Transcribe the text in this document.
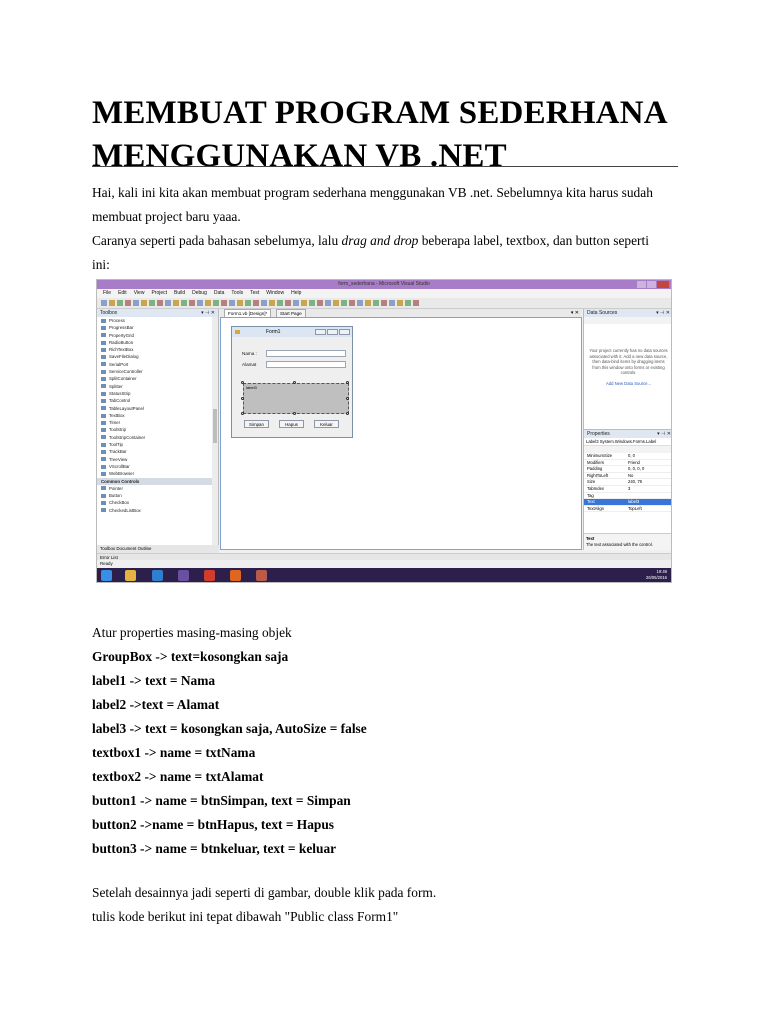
MEMBUAT PROGRAM SEDERHANA MENGGUNAKAN VB .NET

Hai, kali ini kita akan membuat program sederhana menggunakan VB .net. Sebelumnya kita harus sudah

membuat project baru yaaa.

Caranya seperti pada bahasan sebelumya, lalu drag and drop beberapa label, textbox, dan button seperti

ini:

form_sederhana - Microsoft Visual Studio
File Edit View Project Build Debug Data Tools Test Window Help
Toolbox	▾ ⊣ ✕
Process
ProgressBar
PropertyGrid
RadioButton
RichTextBox
SaveFileDialog
SerialPort
ServiceController
SplitContainer
Splitter
StatusStrip
TabControl
TableLayoutPanel
TextBox
Timer
ToolStrip
ToolStripContainer
ToolTip
TrackBar
TreeView
VScrollBar
WebBrowser
Common Controls
Pointer
Button
CheckBox
CheckedListBox
Toolbox Document Outline
Form1.vb [Design]*	Start Page	▾ ✕
Form1
Nama :
Alamat
label3
Simpan	Hapus	Keluar
Data Sources	▾ ⊣ ✕
Your project currently has no data sources associated with it. Add a new data source, then data-bind items by dragging items from this window onto forms or existing controls.
Add New Data Source...
Properties	▾ ⊣ ✕
Label3 System.Windows.Forms.Label
MinimumSize	0, 0
Modifiers	Friend
Padding	0, 0, 0, 0
RightToLeft	No
Size	240, 79
TabIndex	3
Tag
Text	label3
TextAlign	TopLeft
Text
The text associated with the control.
Error List
Ready
19:49
26/05/2016

Atur properties masing-masing objek

GroupBox -> text=kosongkan saja

label1 -> text = Nama

label2 ->text = Alamat

label3 -> text = kosongkan saja, AutoSize = false

textbox1 -> name = txtNama

textbox2 -> name = txtAlamat

button1 -> name = btnSimpan, text = Simpan

button2 ->name = btnHapus, text = Hapus

button3 -> name = btnkeluar, text = keluar

Setelah desainnya jadi seperti di gambar, double klik pada form.

tulis kode berikut ini tepat dibawah "Public class Form1"
